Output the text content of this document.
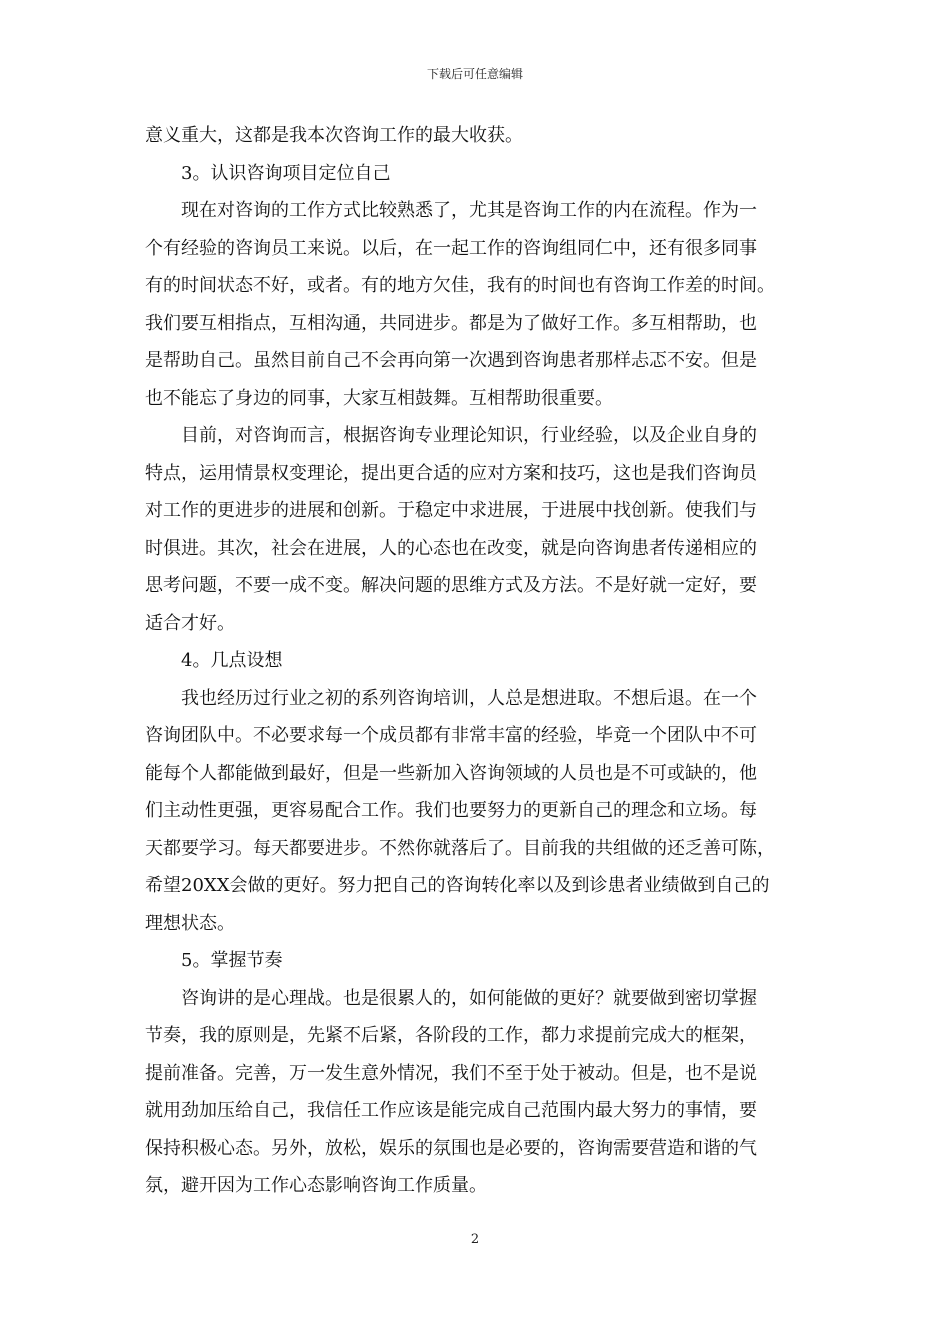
下载后可任意编辑
意义重大，这都是我本次咨询工作的最大收获。
3。认识咨询项目定位自己
现在对咨询的工作方式比较熟悉了，尤其是咨询工作的内在流程。作为一
个有经验的咨询员工来说。以后，在一起工作的咨询组同仁中，还有很多同事
有的时间状态不好，或者。有的地方欠佳，我有的时间也有咨询工作差的时间。
我们要互相指点，互相沟通，共同进步。都是为了做好工作。多互相帮助，也
是帮助自己。虽然目前自己不会再向第一次遇到咨询患者那样忐忑不安。但是
也不能忘了身边的同事，大家互相鼓舞。互相帮助很重要。
目前，对咨询而言，根据咨询专业理论知识，行业经验，以及企业自身的
特点，运用情景权变理论，提出更合适的应对方案和技巧，这也是我们咨询员
对工作的更进步的进展和创新。于稳定中求进展，于进展中找创新。使我们与
时俱进。其次，社会在进展，人的心态也在改变，就是向咨询患者传递相应的
思考问题，不要一成不变。解决问题的思维方式及方法。不是好就一定好，要
适合才好。
4。几点设想
我也经历过行业之初的系列咨询培训，人总是想进取。不想后退。在一个
咨询团队中。不必要求每一个成员都有非常丰富的经验，毕竟一个团队中不可
能每个人都能做到最好，但是一些新加入咨询领域的人员也是不可或缺的，他
们主动性更强，更容易配合工作。我们也要努力的更新自己的理念和立场。每
天都要学习。每天都要进步。不然你就落后了。目前我的共组做的还乏善可陈，
希望20XX会做的更好。努力把自己的咨询转化率以及到诊患者业绩做到自己的
理想状态。
5。掌握节奏
咨询讲的是心理战。也是很累人的，如何能做的更好？就要做到密切掌握
节奏，我的原则是，先紧不后紧，各阶段的工作，都力求提前完成大的框架，
提前准备。完善，万一发生意外情况，我们不至于处于被动。但是，也不是说
就用劲加压给自己，我信任工作应该是能完成自己范围内最大努力的事情，要
保持积极心态。另外，放松，娱乐的氛围也是必要的，咨询需要营造和谐的气
氛，避开因为工作心态影响咨询工作质量。
2
